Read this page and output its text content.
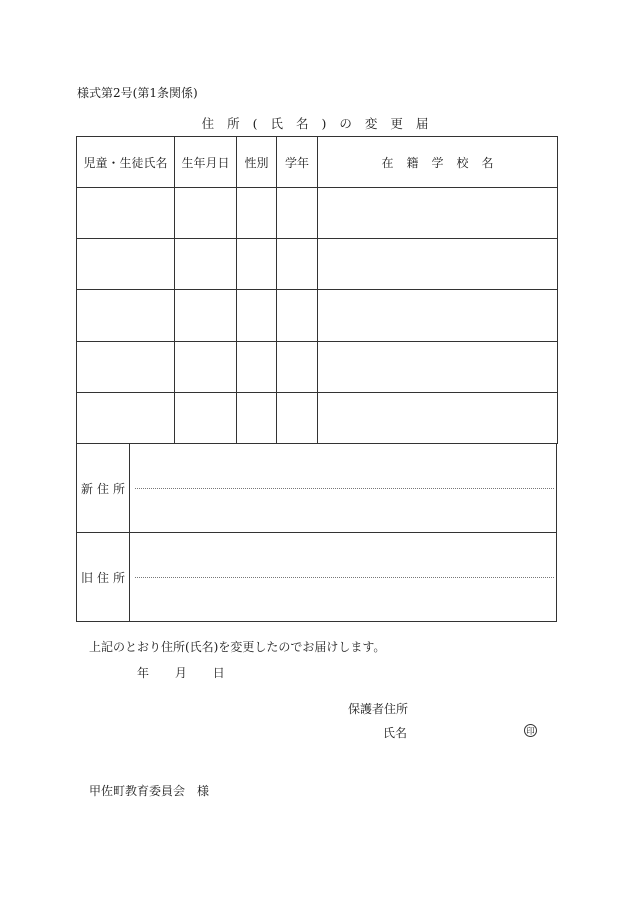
様式第2号(第1条関係)
住所(氏名)の変更届
児童・生徒氏名	生年月日	性別	学年	在籍学校名

新住所
旧住所
上記のとおり住所(氏名)を変更したのでお届けします。
年 月 日
保護者住所
氏名	印
甲佐町教育委員会　様
